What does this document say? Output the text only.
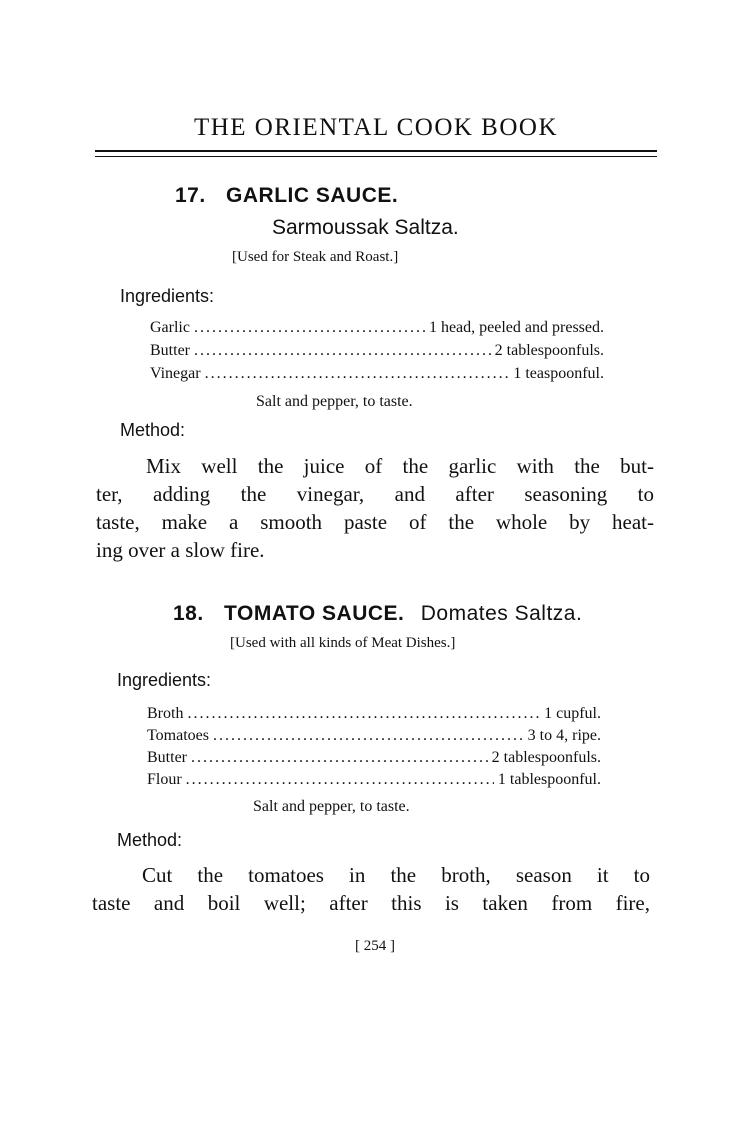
THE ORIENTAL COOK BOOK
17. GARLIC SAUCE.
Sarmoussak Saltza.
[Used for Steak and Roast.]
Ingredients:
Garlic .....	1 head, peeled and pressed.
Butter .....	2 tablespoonfuls.
Vinegar .....	1 teaspoonful.
Salt and pepper, to taste.
Method:
Mix well the juice of the garlic with the but-
ter, adding the vinegar, and after seasoning to
taste, make a smooth paste of the whole by heat-
ing over a slow fire.
18. TOMATO SAUCE. Domates Saltza.
[Used with all kinds of Meat Dishes.]
Ingredients:
Broth .....	1 cupful.
Tomatoes .....	3 to 4, ripe.
Butter .....	2 tablespoonfuls.
Flour .....	1 tablespoonful.
Salt and pepper, to taste.
Method:
Cut the tomatoes in the broth, season it to
taste and boil well; after this is taken from fire,
[ 254 ]
